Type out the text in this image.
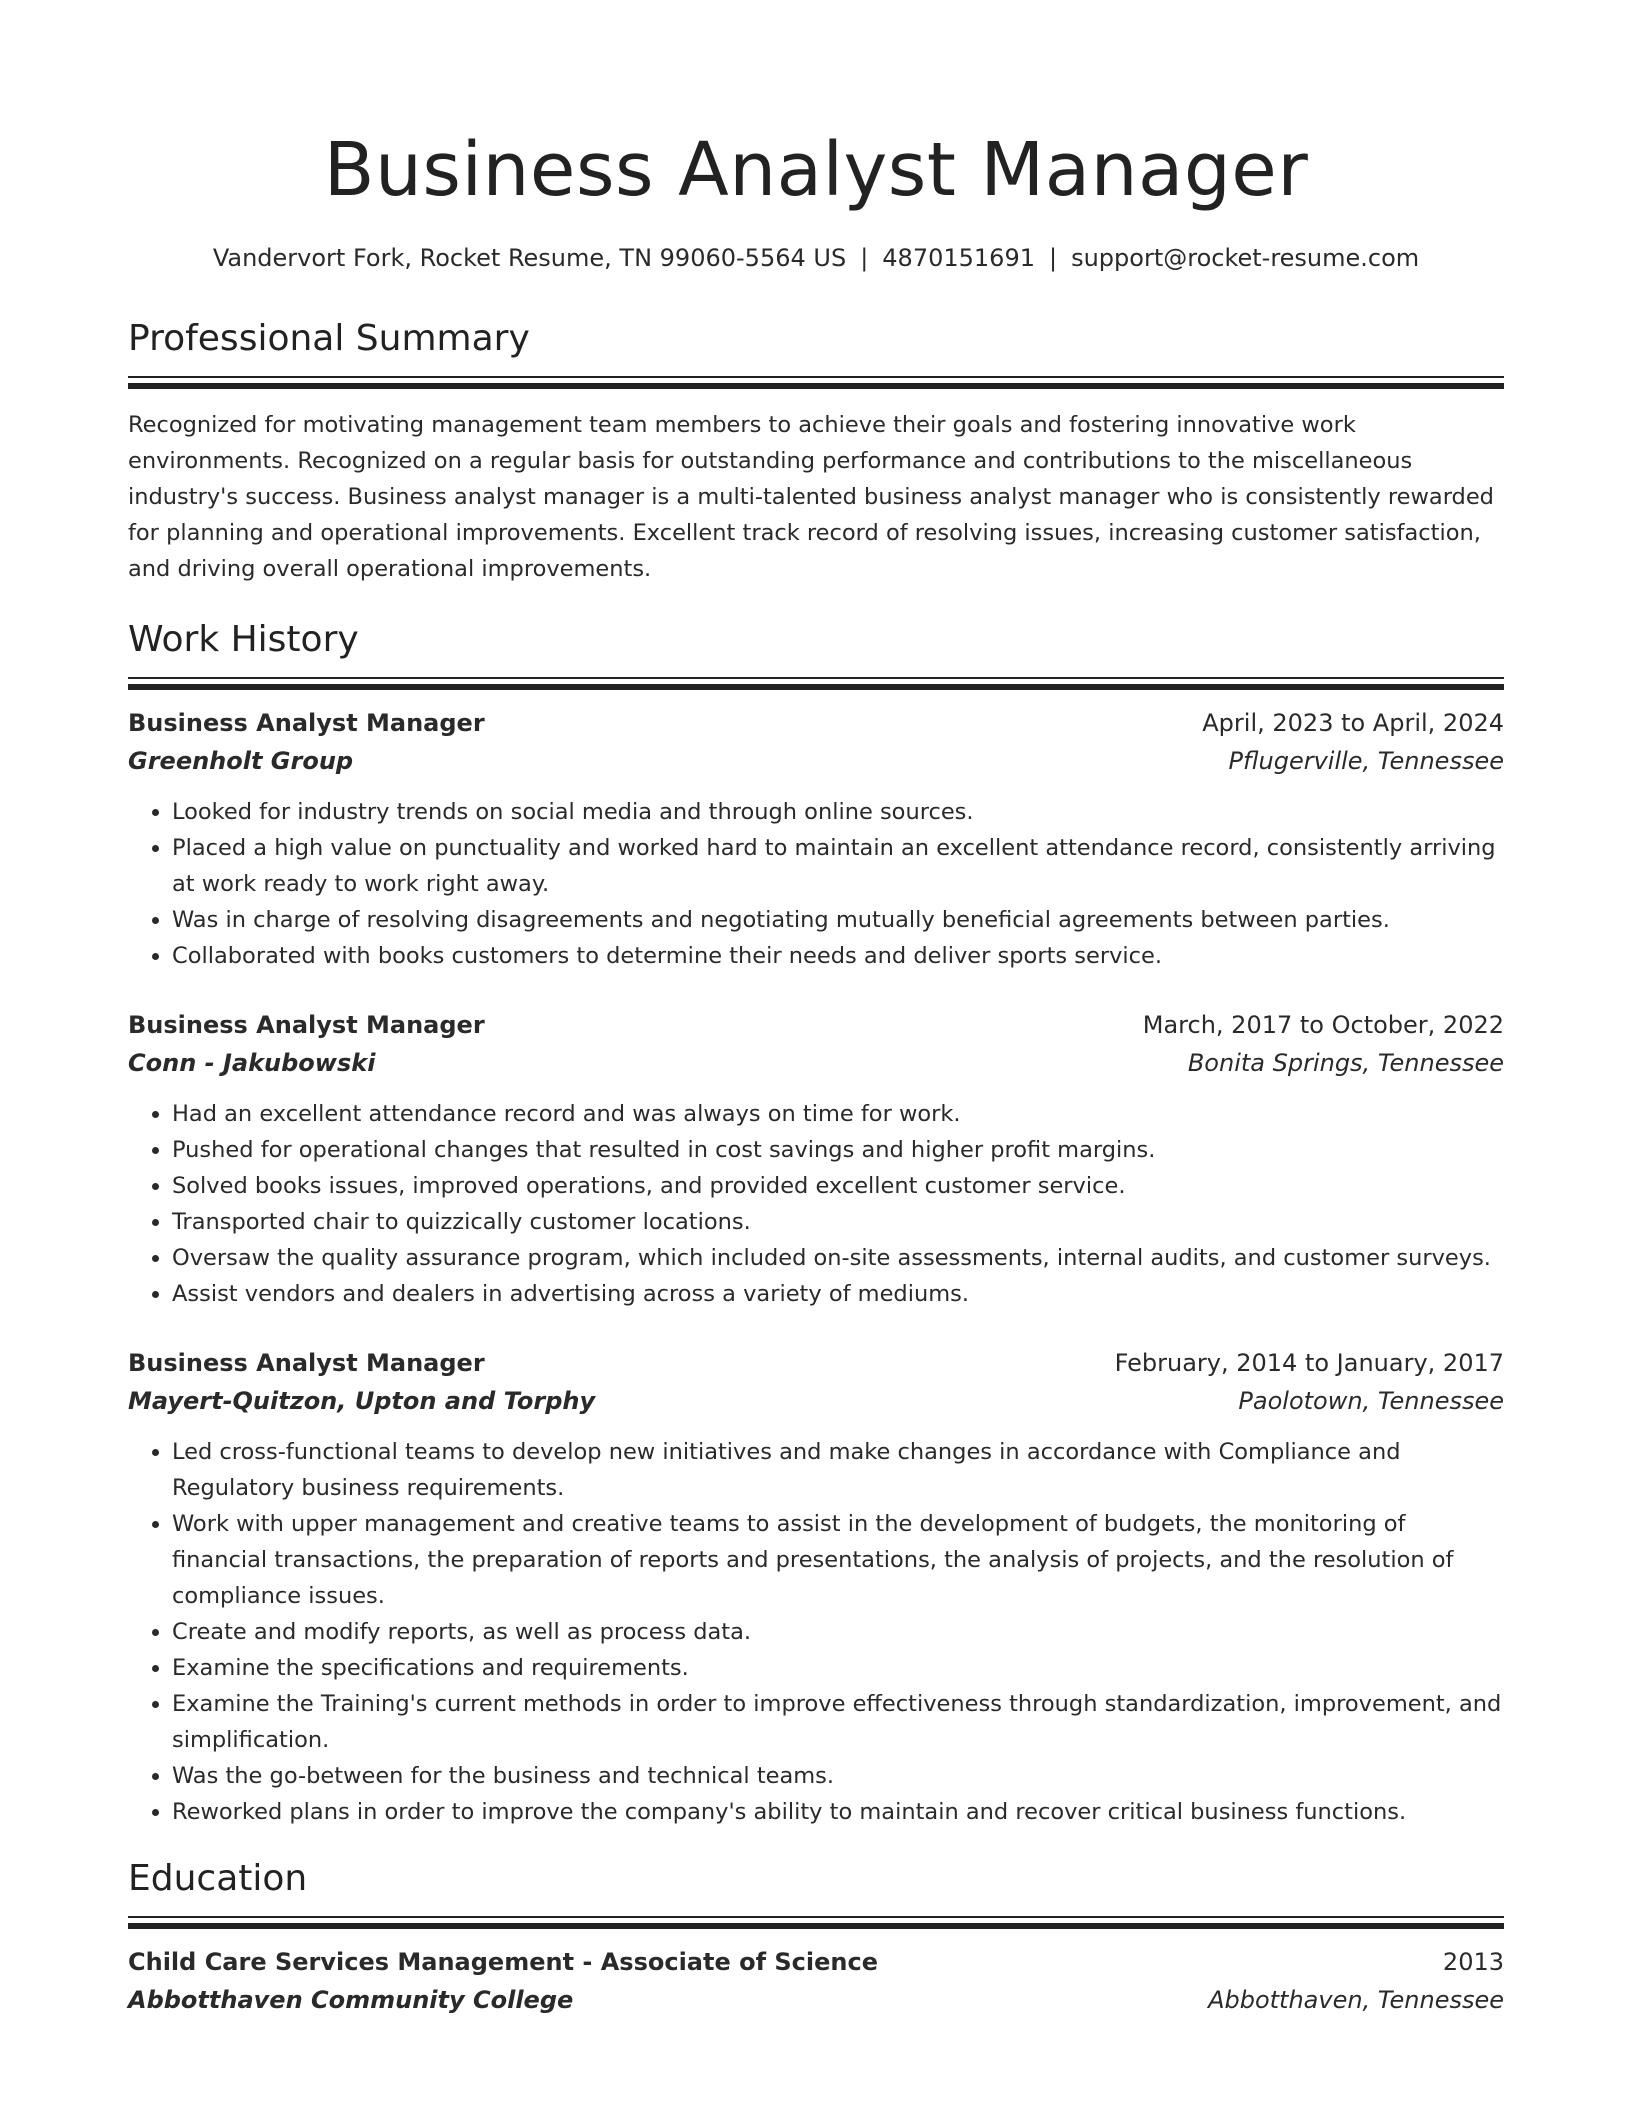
Business Analyst Manager
Vandervort Fork, Rocket Resume, TN 99060-5564 US | 4870151691 | support@rocket-resume.com
Professional Summary
Recognized for motivating management team members to achieve their goals and fostering innovative work environments. Recognized on a regular basis for outstanding performance and contributions to the miscellaneous industry's success. Business analyst manager is a multi-talented business analyst manager who is consistently rewarded for planning and operational improvements. Excellent track record of resolving issues, increasing customer satisfaction, and driving overall operational improvements.
Work History
Business Analyst Manager	April, 2023 to April, 2024
Greenholt Group	Pflugerville, Tennessee
• Looked for industry trends on social media and through online sources.
• Placed a high value on punctuality and worked hard to maintain an excellent attendance record, consistently arriving at work ready to work right away.
• Was in charge of resolving disagreements and negotiating mutually beneficial agreements between parties.
• Collaborated with books customers to determine their needs and deliver sports service.
Business Analyst Manager	March, 2017 to October, 2022
Conn - Jakubowski	Bonita Springs, Tennessee
• Had an excellent attendance record and was always on time for work.
• Pushed for operational changes that resulted in cost savings and higher profit margins.
• Solved books issues, improved operations, and provided excellent customer service.
• Transported chair to quizzically customer locations.
• Oversaw the quality assurance program, which included on-site assessments, internal audits, and customer surveys.
• Assist vendors and dealers in advertising across a variety of mediums.
Business Analyst Manager	February, 2014 to January, 2017
Mayert-Quitzon, Upton and Torphy	Paolotown, Tennessee
• Led cross-functional teams to develop new initiatives and make changes in accordance with Compliance and Regulatory business requirements.
• Work with upper management and creative teams to assist in the development of budgets, the monitoring of financial transactions, the preparation of reports and presentations, the analysis of projects, and the resolution of compliance issues.
• Create and modify reports, as well as process data.
• Examine the specifications and requirements.
• Examine the Training's current methods in order to improve effectiveness through standardization, improvement, and simplification.
• Was the go-between for the business and technical teams.
• Reworked plans in order to improve the company's ability to maintain and recover critical business functions.
Education
Child Care Services Management - Associate of Science	2013
Abbotthaven Community College	Abbotthaven, Tennessee
